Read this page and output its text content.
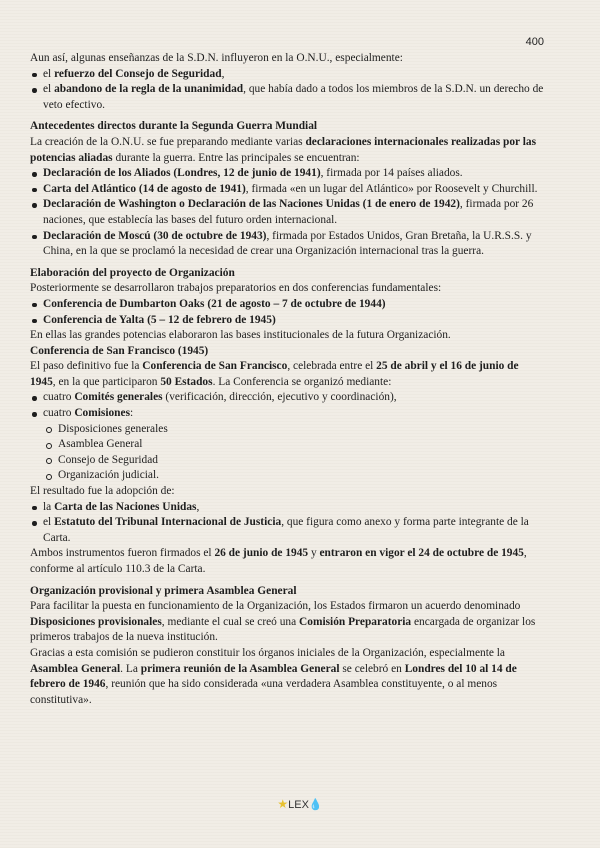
400

Aun así, algunas enseñanzas de la S.D.N. influyeron en la O.N.U., especialmente:

el refuerzo del Consejo de Seguridad,
el abandono de la regla de la unanimidad, que había dado a todos los miembros de la S.D.N. un derecho de veto efectivo.
Antecedentes directos durante la Segunda Guerra Mundial

La creación de la O.N.U. se fue preparando mediante varias declaraciones internacionales realizadas por las potencias aliadas durante la guerra. Entre las principales se encuentran:

Declaración de los Aliados (Londres, 12 de junio de 1941), firmada por 14 países aliados.
Carta del Atlántico (14 de agosto de 1941), firmada «en un lugar del Atlántico» por Roosevelt y Churchill.
Declaración de Washington o Declaración de las Naciones Unidas (1 de enero de 1942), firmada por 26 naciones, que establecía las bases del futuro orden internacional.
Declaración de Moscú (30 de octubre de 1943), firmada por Estados Unidos, Gran Bretaña, la U.R.S.S. y China, en la que se proclamó la necesidad de crear una Organización internacional tras la guerra.
Elaboración del proyecto de Organización

Posteriormente se desarrollaron trabajos preparatorios en dos conferencias fundamentales:

Conferencia de Dumbarton Oaks (21 de agosto – 7 de octubre de 1944)
Conferencia de Yalta (5 – 12 de febrero de 1945)

En ellas las grandes potencias elaboraron las bases institucionales de la futura Organización.

Conferencia de San Francisco (1945)

El paso definitivo fue la Conferencia de San Francisco, celebrada entre el 25 de abril y el 16 de junio de 1945, en la que participaron 50 Estados. La Conferencia se organizó mediante:

cuatro Comités generales (verificación, dirección, ejecutivo y coordinación),
cuatro Comisiones:
Disposiciones generales
Asamblea General
Consejo de Seguridad
Organización judicial.

El resultado fue la adopción de:

la Carta de las Naciones Unidas,
el Estatuto del Tribunal Internacional de Justicia, que figura como anexo y forma parte integrante de la Carta.

Ambos instrumentos fueron firmados el 26 de junio de 1945 y entraron en vigor el 24 de octubre de 1945, conforme al artículo 110.3 de la Carta.

Organización provisional y primera Asamblea General

Para facilitar la puesta en funcionamiento de la Organización, los Estados firmaron un acuerdo denominado Disposiciones provisionales, mediante el cual se creó una Comisión Preparatoria encargada de organizar los primeros trabajos de la nueva institución.

Gracias a esta comisión se pudieron constituir los órganos iniciales de la Organización, especialmente la Asamblea General. La primera reunión de la Asamblea General se celebró en Londres del 10 al 14 de febrero de 1946, reunión que ha sido considerada «una verdadera Asamblea constituyente, o al menos constitutiva».

★LEX💧
